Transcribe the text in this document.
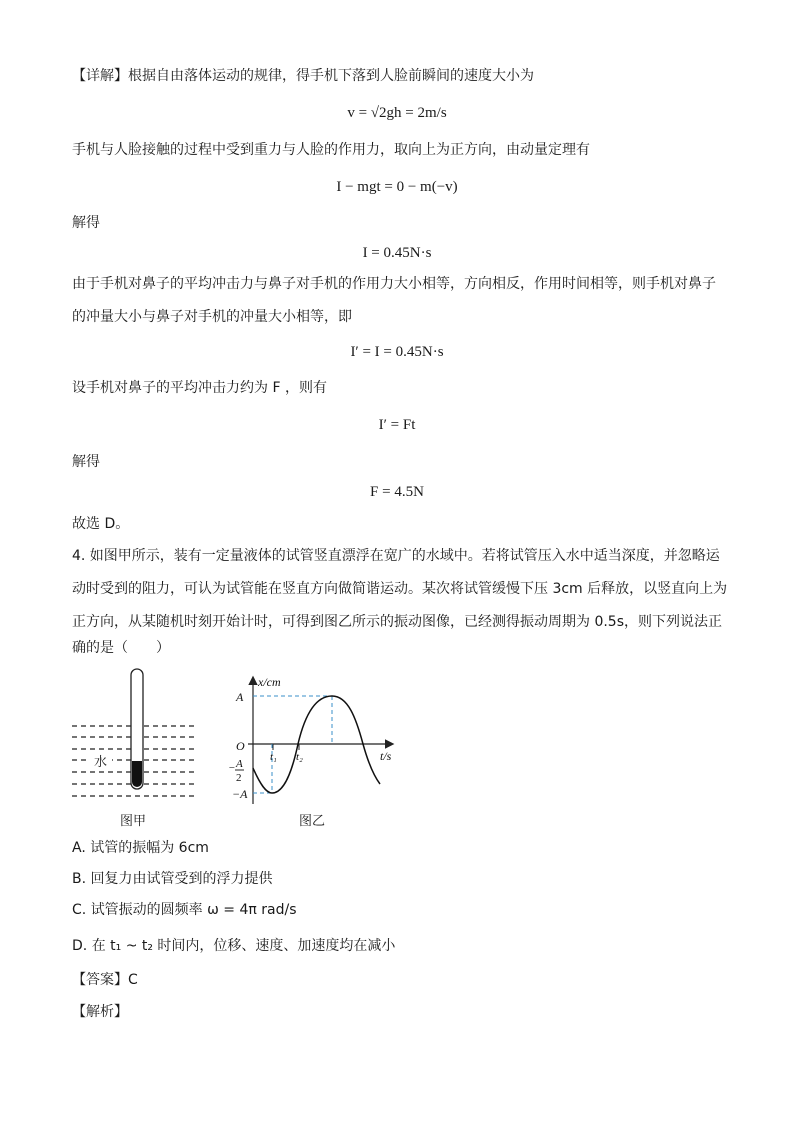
【详解】根据自由落体运动的规律，得手机下落到人脸前瞬间的速度大小为
v = √2gh = 2m/s
手机与人脸接触的过程中受到重力与人脸的作用力，取向上为正方向，由动量定理有
I − mgt = 0 − m(−v)
解得
I = 0.45N·s
由于手机对鼻子的平均冲击力与鼻子对手机的作用力大小相等，方向相反，作用时间相等，则手机对鼻子
的冲量大小与鼻子对手机的冲量大小相等，即
I′ = I = 0.45N·s
设手机对鼻子的平均冲击力约为 F ，则有
I′ = Ft
解得
F = 4.5N
故选 D。
4. 如图甲所示，装有一定量液体的试管竖直漂浮在宽广的水域中。若将试管压入水中适当深度，并忽略运
动时受到的阻力，可认为试管能在竖直方向做简谐运动。某次将试管缓慢下压 3cm 后释放，以竖直向上为
正方向，从某随机时刻开始计时，可得到图乙所示的振动图像，已经测得振动周期为 0.5s，则下列说法正
确的是（　　）
水
图甲
x/cm
t/s
O
A
−A
− A
2
t₁ t₂
图乙
A. 试管的振幅为 6cm
B. 回复力由试管受到的浮力提供
C. 试管振动的圆频率 ω = 4π rad/s
D. 在 t₁ ~ t₂ 时间内，位移、速度、加速度均在减小
【答案】C
【解析】
